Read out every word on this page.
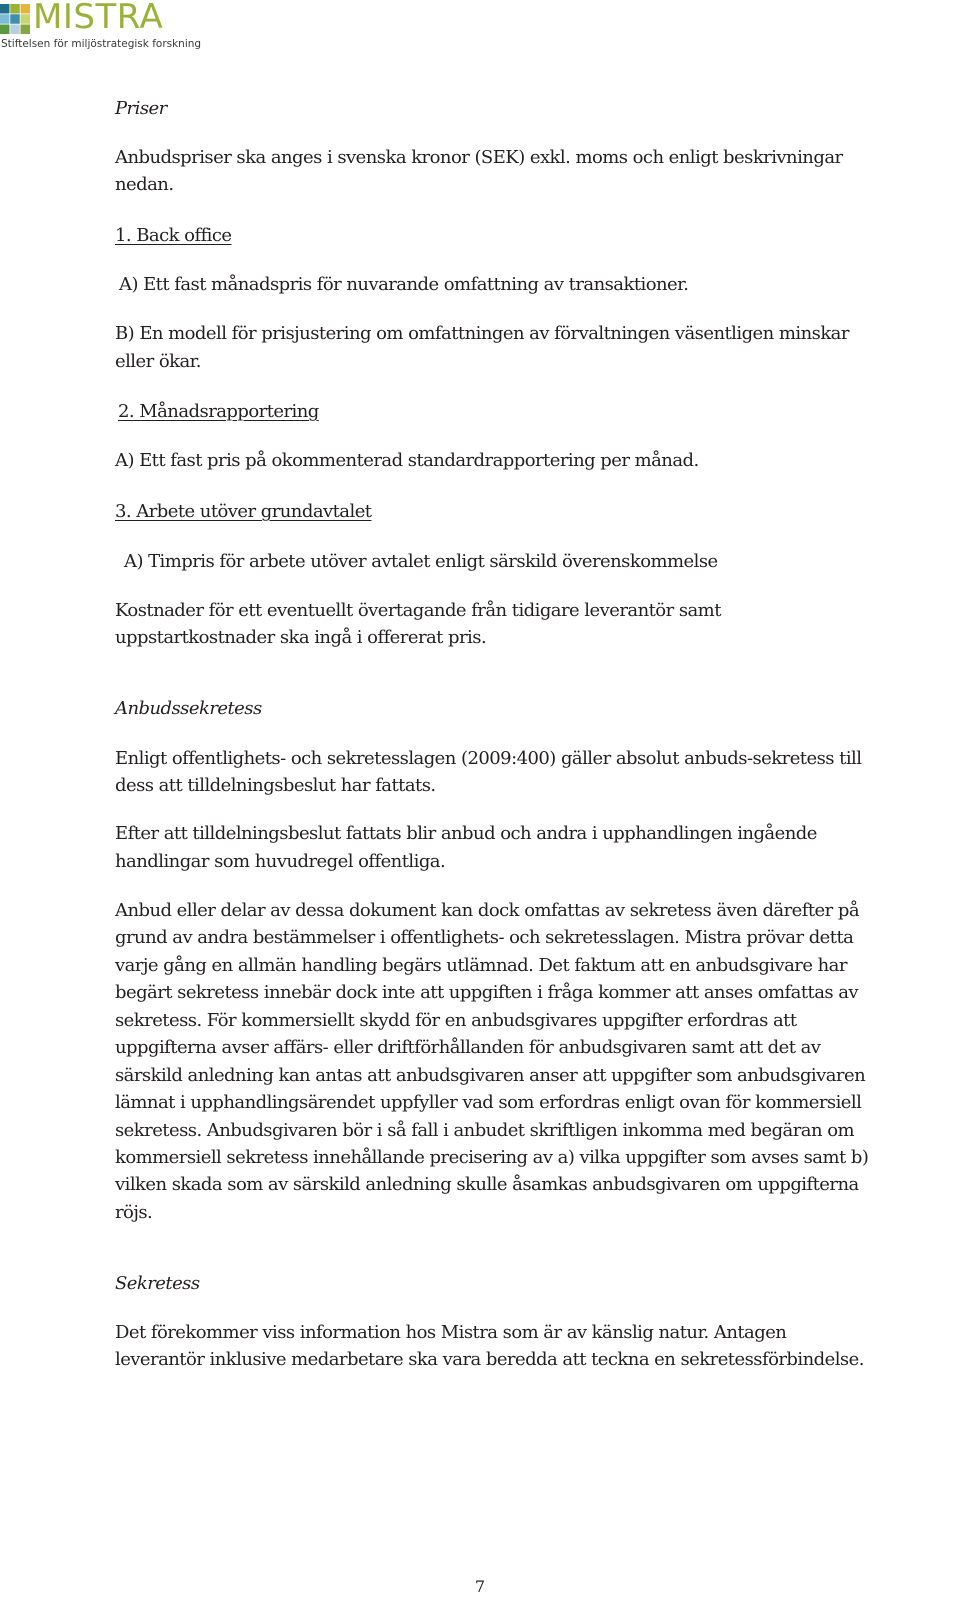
MISTRA
Stiftelsen för miljöstrategisk forskning
Priser
Anbudspriser ska anges i svenska kronor (SEK) exkl. moms och enligt beskrivningar
nedan.
1. Back office
A) Ett fast månadspris för nuvarande omfattning av transaktioner.
B) En modell för prisjustering om omfattningen av förvaltningen väsentligen minskar
eller ökar.
2. Månadsrapportering
A) Ett fast pris på okommenterad standardrapportering per månad.
3. Arbete utöver grundavtalet
A) Timpris för arbete utöver avtalet enligt särskild överenskommelse
Kostnader för ett eventuellt övertagande från tidigare leverantör samt
uppstartkostnader ska ingå i offererat pris.
Anbudssekretess
Enligt offentlighets- och sekretesslagen (2009:400) gäller absolut anbuds-sekretess till
dess att tilldelningsbeslut har fattats.
Efter att tilldelningsbeslut fattats blir anbud och andra i upphandlingen ingående
handlingar som huvudregel offentliga.
Anbud eller delar av dessa dokument kan dock omfattas av sekretess även därefter på
grund av andra bestämmelser i offentlighets- och sekretesslagen. Mistra prövar detta
varje gång en allmän handling begärs utlämnad. Det faktum att en anbudsgivare har
begärt sekretess innebär dock inte att uppgiften i fråga kommer att anses omfattas av
sekretess. För kommersiellt skydd för en anbudsgivares uppgifter erfordras att
uppgifterna avser affärs- eller driftförhållanden för anbudsgivaren samt att det av
särskild anledning kan antas att anbudsgivaren anser att uppgifter som anbudsgivaren
lämnat i upphandlingsärendet uppfyller vad som erfordras enligt ovan för kommersiell
sekretess. Anbudsgivaren bör i så fall i anbudet skriftligen inkomma med begäran om
kommersiell sekretess innehållande precisering av a) vilka uppgifter som avses samt b)
vilken skada som av särskild anledning skulle åsamkas anbudsgivaren om uppgifterna
röjs.
Sekretess
Det förekommer viss information hos Mistra som är av känslig natur. Antagen
leverantör inklusive medarbetare ska vara beredda att teckna en sekretessförbindelse.
7
